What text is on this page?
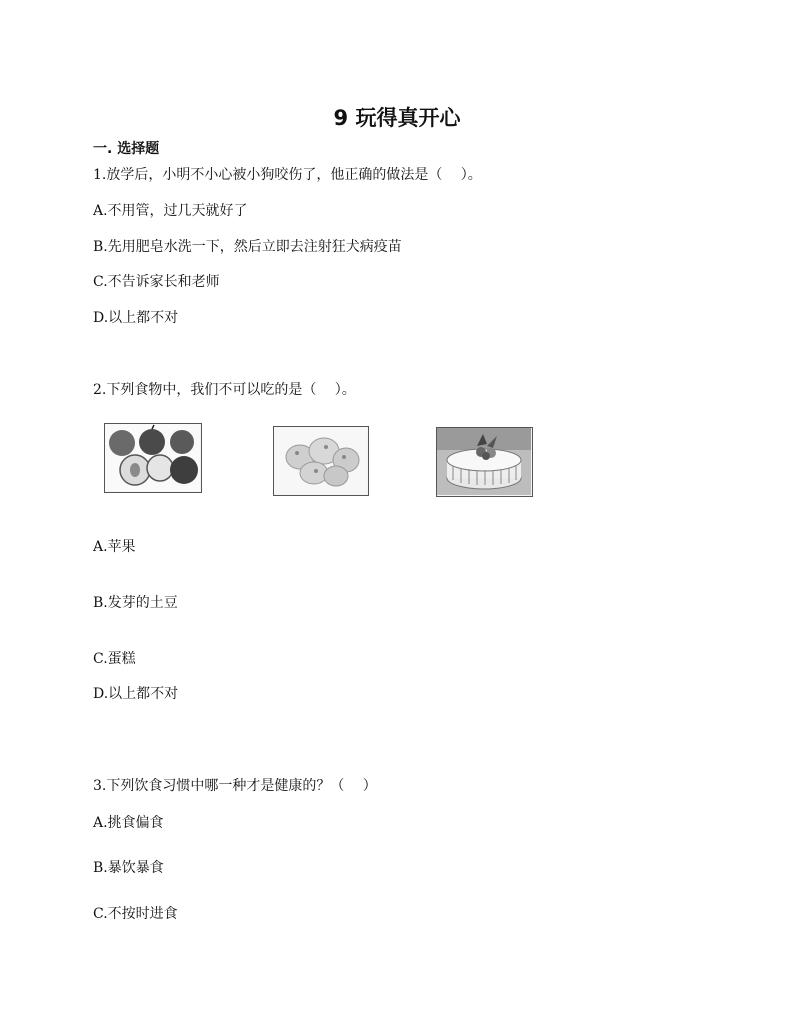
9 玩得真开心
一. 选择题
1.放学后，小明不小心被小狗咬伤了，他正确的做法是（　 ）。
A.不用管，过几天就好了
B.先用肥皂水洗一下，然后立即去注射狂犬病疫苗
C.不告诉家长和老师
D.以上都不对
2.下列食物中，我们不可以吃的是（　 ）。
A.苹果
B.发芽的土豆
C.蛋糕
D.以上都不对
3.下列饮食习惯中哪一种才是健康的？（　 ）
A.挑食偏食
B.暴饮暴食
C.不按时进食
